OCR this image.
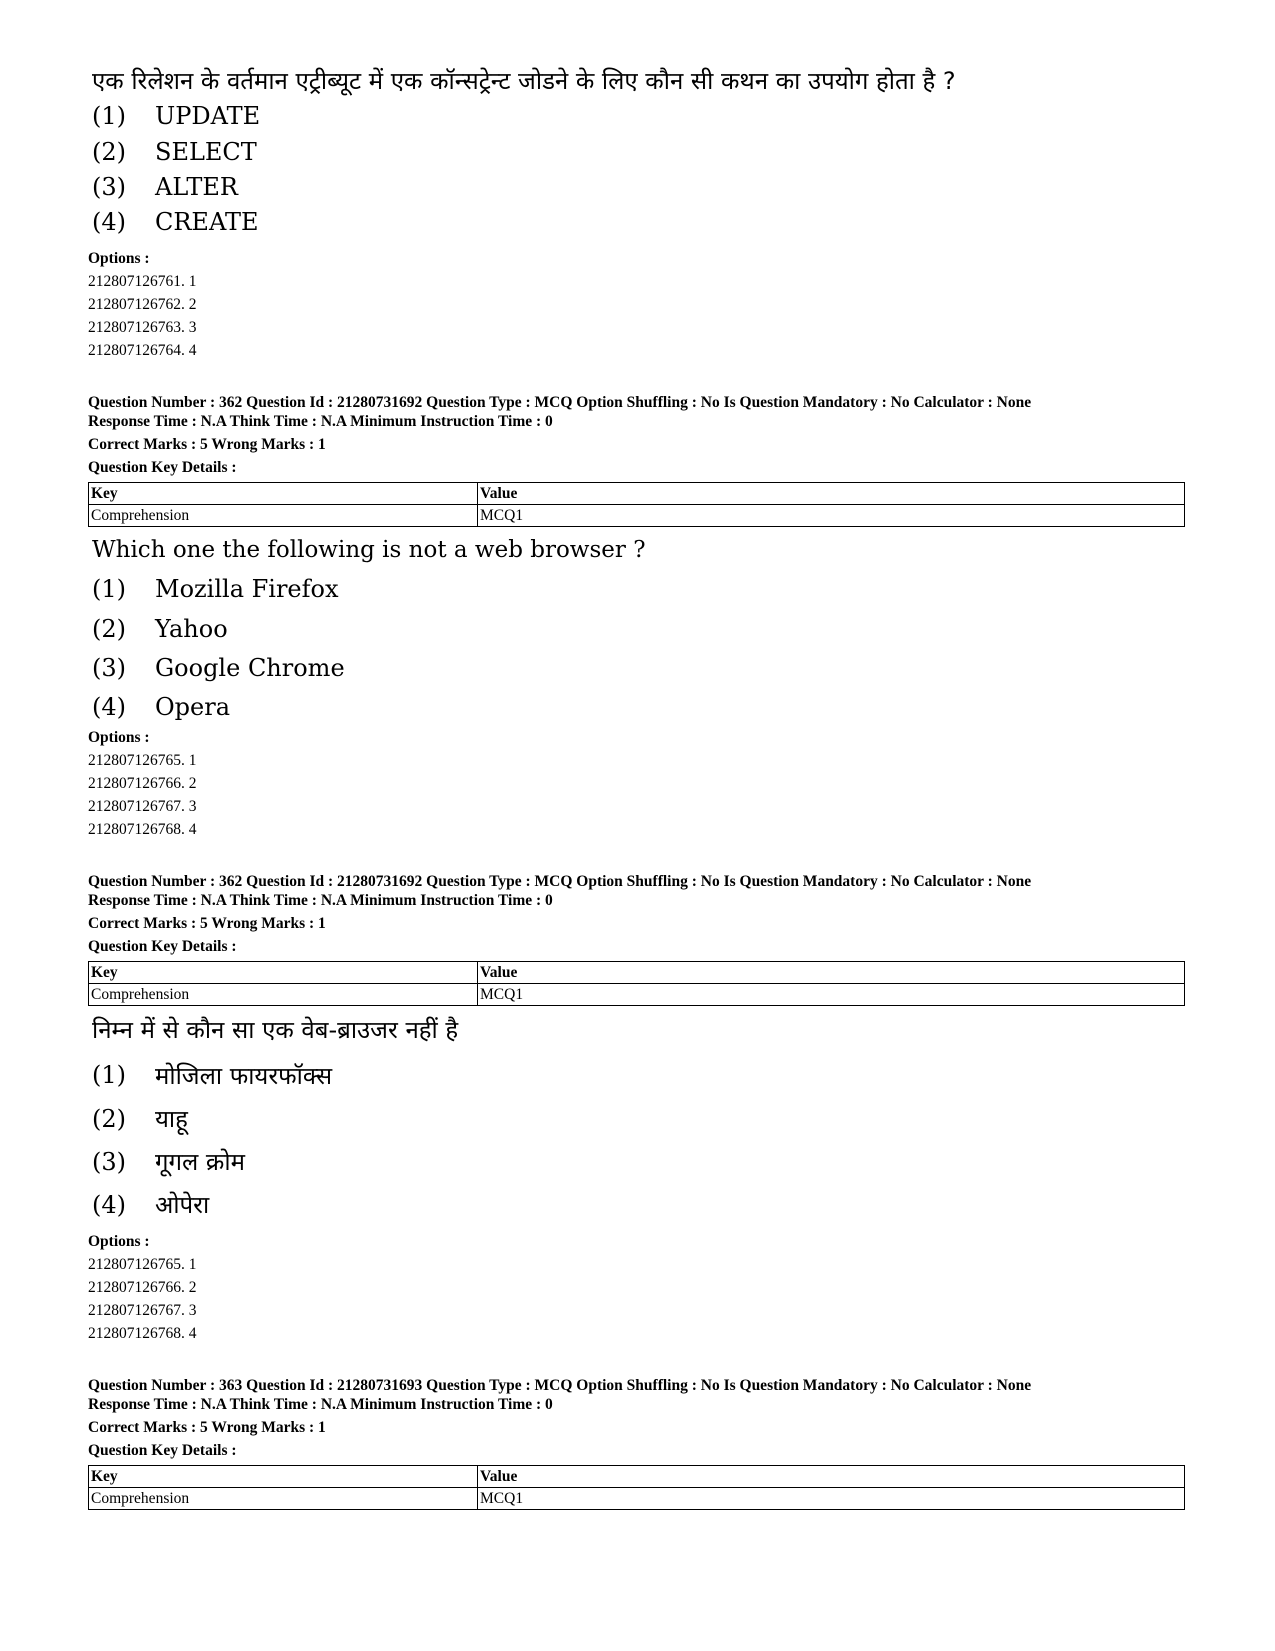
एक रिलेशन के वर्तमान एट्रीब्यूट में एक कॉन्सट्रेन्ट जोडने के लिए कौन सी कथन का उपयोग होता है ?
(1)	UPDATE
(2)	SELECT
(3)	ALTER
(4)	CREATE
Options :
212807126761. 1
212807126762. 2
212807126763. 3
212807126764. 4
Question Number : 362 Question Id : 21280731692 Question Type : MCQ Option Shuffling : No Is Question Mandatory : No Calculator : None
Response Time : N.A Think Time : N.A Minimum Instruction Time : 0
Correct Marks : 5 Wrong Marks : 1
Question Key Details :
Key	Value
Comprehension	MCQ1
Which one the following is not a web browser ?
(1)	Mozilla Firefox
(2)	Yahoo
(3)	Google Chrome
(4)	Opera
Options :
212807126765. 1
212807126766. 2
212807126767. 3
212807126768. 4
Question Number : 362 Question Id : 21280731692 Question Type : MCQ Option Shuffling : No Is Question Mandatory : No Calculator : None
Response Time : N.A Think Time : N.A Minimum Instruction Time : 0
Correct Marks : 5 Wrong Marks : 1
Question Key Details :
Key	Value
Comprehension	MCQ1
निम्न में से कौन सा एक वेब-ब्राउजर नहीं है
(1)	मोजिला फायरफॉक्स
(2)	याहू
(3)	गूगल क्रोम
(4)	ओपेरा
Options :
212807126765. 1
212807126766. 2
212807126767. 3
212807126768. 4
Question Number : 363 Question Id : 21280731693 Question Type : MCQ Option Shuffling : No Is Question Mandatory : No Calculator : None
Response Time : N.A Think Time : N.A Minimum Instruction Time : 0
Correct Marks : 5 Wrong Marks : 1
Question Key Details :
Key	Value
Comprehension	MCQ1
